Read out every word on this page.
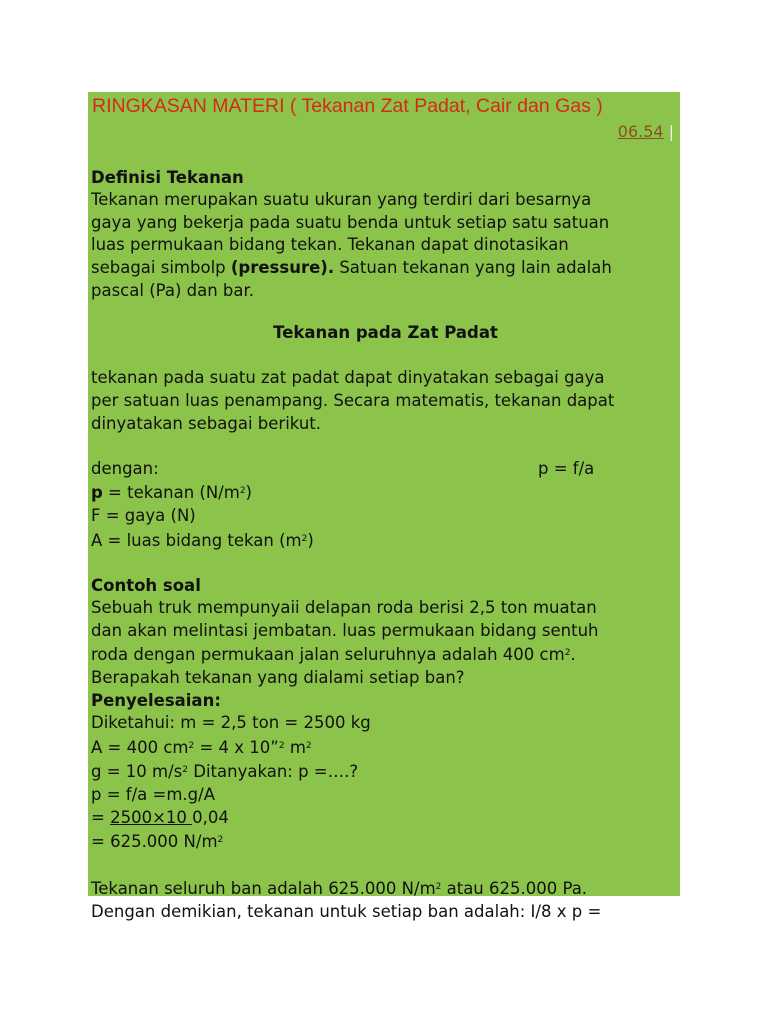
RINGKASAN MATERI ( Tekanan Zat Padat, Cair dan Gas )
06.54 |

Definisi Tekanan

Tekanan merupakan suatu ukuran yang terdiri dari besarnya

gaya yang bekerja pada suatu benda untuk setiap satu satuan

luas permukaan bidang tekan. Tekanan dapat dinotasikan

sebagai simbolp (pressure). Satuan tekanan yang lain adalah

pascal (Pa) dan bar.

Tekanan pada Zat Padat

tekanan pada suatu zat padat dapat dinyatakan sebagai gaya

per satuan luas penampang. Secara matematis, tekanan dapat

dinyatakan sebagai berikut.

dengan:	p = f/a

p = tekanan $(N/m^2)$

F = gaya (N)

A = luas bidang tekan $(m^2)$

Contoh soal

Sebuah truk mempunyaii delapan roda berisi 2,5 ton muatan

dan akan melintasi jembatan. luas permukaan bidang sentuh

roda dengan permukaan jalan seluruhnya adalah 400 $cm^2$.

Berapakah tekanan yang dialami setiap ban?

Penyelesaian:

Diketahui: m = 2,5 ton = 2500 kg

A = 400 $cm^2 = 4$ x 10”$^2$ $m^2$

g = 10 $m/s^2$ Ditanyakan: p =….?

p = f/a =m.g/A

= 2500×10 0,04

= 625.000 $N/m^2$

Tekanan seluruh ban adalah 625.000 $N/m^2$ atau 625.000 Pa.

Dengan demikian, tekanan untuk setiap ban adalah: I/8 x p =
